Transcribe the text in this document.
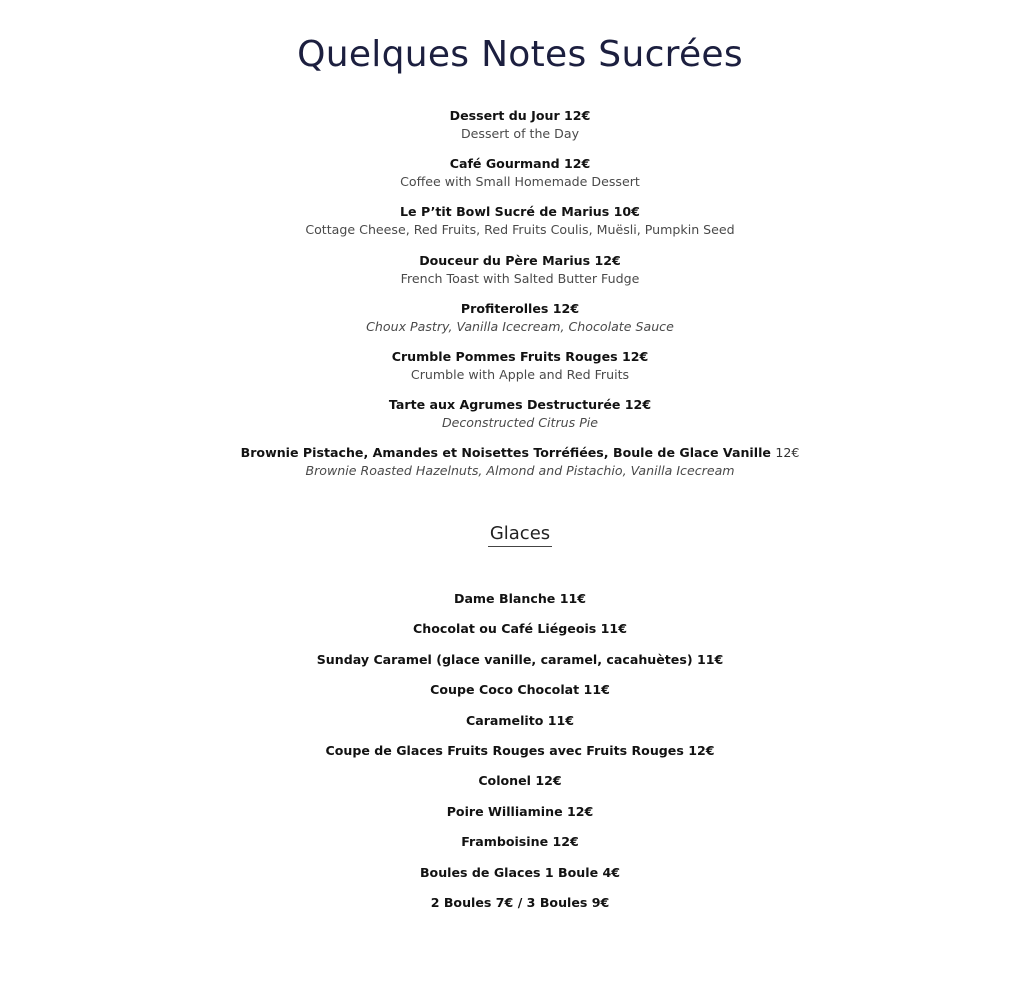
Quelques Notes Sucrées
Dessert du Jour 12€
Dessert of the Day
Café Gourmand 12€
Coffee with Small Homemade Dessert
Le P’tit Bowl Sucré de Marius 10€
Cottage Cheese, Red Fruits, Red Fruits Coulis, Muësli, Pumpkin Seed
Douceur du Père Marius 12€
French Toast with Salted Butter Fudge
Profiterolles 12€
Choux Pastry, Vanilla Icecream, Chocolate Sauce
Crumble Pommes Fruits Rouges 12€
Crumble with Apple and Red Fruits
Tarte aux Agrumes Destructurée 12€
Deconstructed Citrus Pie
Brownie Pistache, Amandes et Noisettes Torréfiées, Boule de Glace Vanille 12€
Brownie Roasted Hazelnuts, Almond and Pistachio, Vanilla Icecream
Glaces
Dame Blanche 11€
Chocolat ou Café Liégeois 11€
Sunday Caramel (glace vanille, caramel, cacahuètes) 11€
Coupe Coco Chocolat 11€
Caramelito 11€
Coupe de Glaces Fruits Rouges avec Fruits Rouges 12€
Colonel 12€
Poire Williamine 12€
Framboisine 12€
Boules de Glaces 1 Boule 4€
2 Boules 7€ / 3 Boules 9€
